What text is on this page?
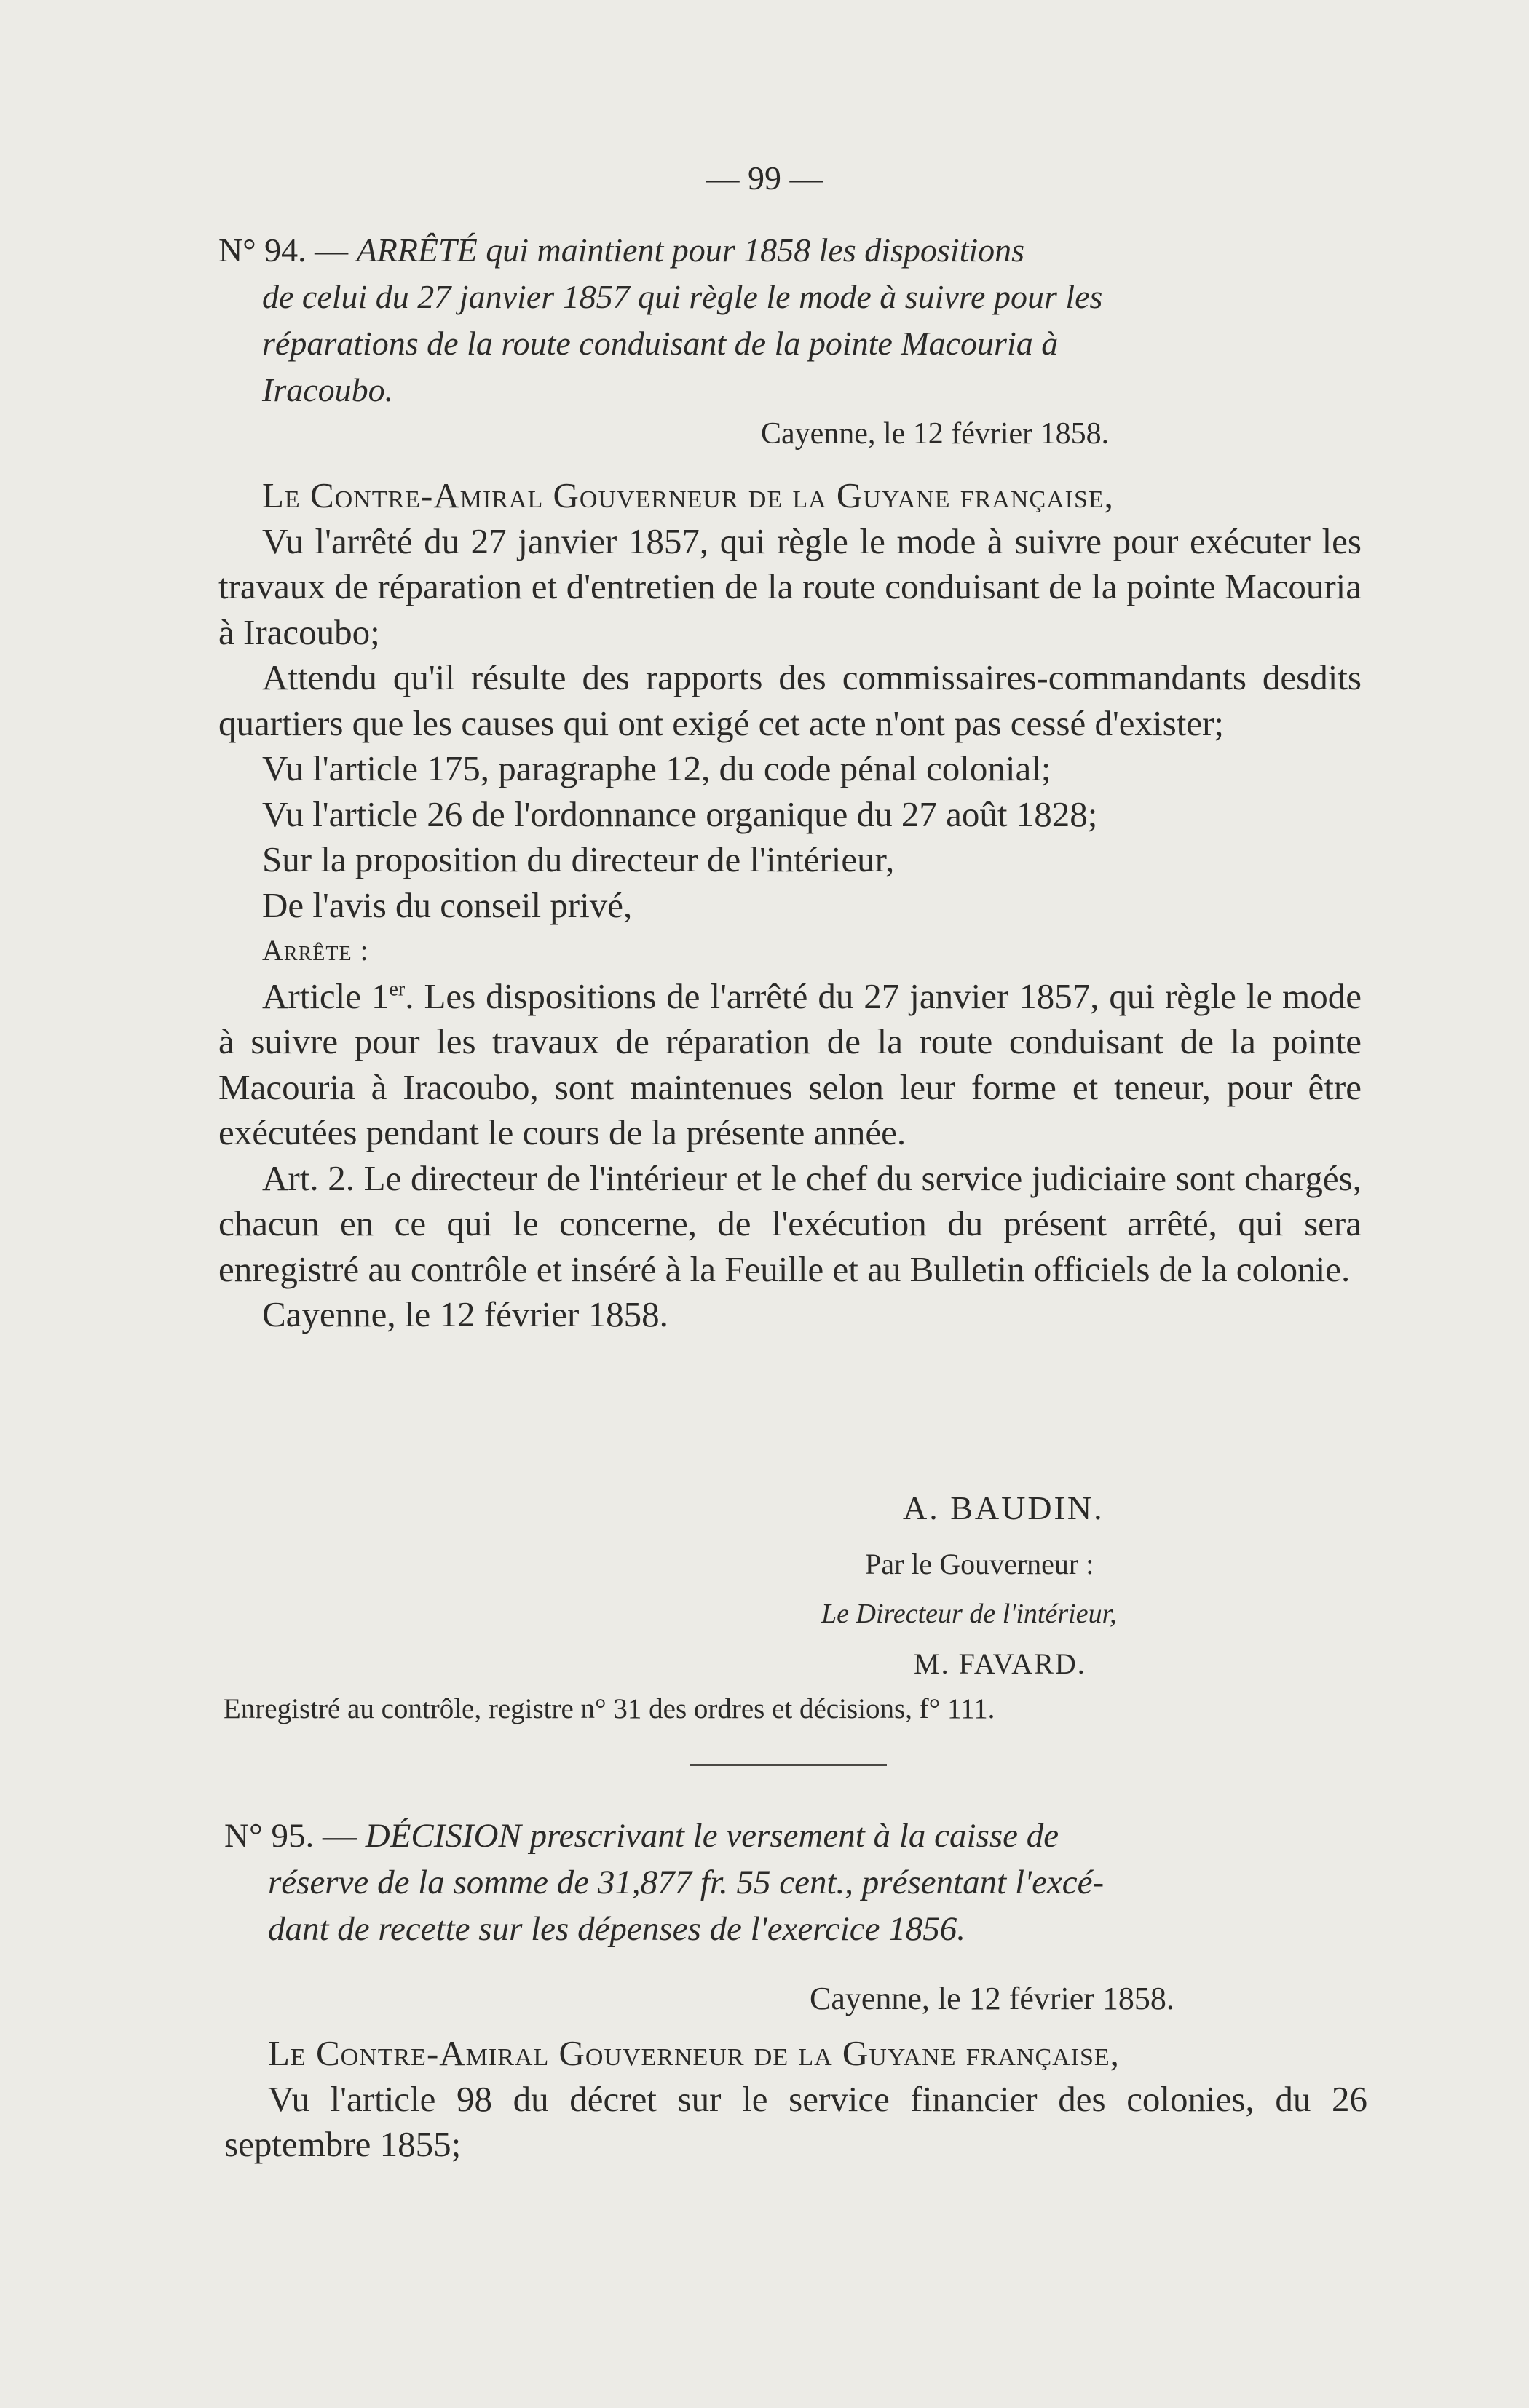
— 99 —
N° 94. — ARRÊTÉ qui maintient pour 1858 les dispositions
de celui du 27 janvier 1857 qui règle le mode à suivre pour les
réparations de la route conduisant de la pointe Macouria à
Iracoubo.
Cayenne, le 12 février 1858.

Le Contre-Amiral Gouverneur de la Guyane française,

Vu l'arrêté du 27 janvier 1857, qui règle le mode à suivre pour exécuter les travaux de réparation et d'entretien de la route conduisant de la pointe Macouria à Iracoubo;

Attendu qu'il résulte des rapports des commissaires-commandants desdits quartiers que les causes qui ont exigé cet acte n'ont pas cessé d'exister;

Vu l'article 175, paragraphe 12, du code pénal colonial;

Vu l'article 26 de l'ordonnance organique du 27 août 1828;

Sur la proposition du directeur de l'intérieur,

De l'avis du conseil privé,

Arrête :

Article 1er. Les dispositions de l'arrêté du 27 janvier 1857, qui règle le mode à suivre pour les travaux de réparation de la route conduisant de la pointe Macouria à Iracoubo, sont maintenues selon leur forme et teneur, pour être exécutées pendant le cours de la présente année.

Art. 2. Le directeur de l'intérieur et le chef du service judiciaire sont chargés, chacun en ce qui le concerne, de l'exécution du présent arrêté, qui sera enregistré au contrôle et inséré à la Feuille et au Bulletin officiels de la colonie.

Cayenne, le 12 février 1858.

A. BAUDIN.
Par le Gouverneur :
Le Directeur de l'intérieur,
M. FAVARD.
Enregistré au contrôle, registre n° 31 des ordres et décisions, f° 111.
N° 95. — DÉCISION prescrivant le versement à la caisse de
réserve de la somme de 31,877 fr. 55 cent., présentant l'excé-
dant de recette sur les dépenses de l'exercice 1856.
Cayenne, le 12 février 1858.

Le Contre-Amiral Gouverneur de la Guyane française,

Vu l'article 98 du décret sur le service financier des colonies, du 26 septembre 1855;
